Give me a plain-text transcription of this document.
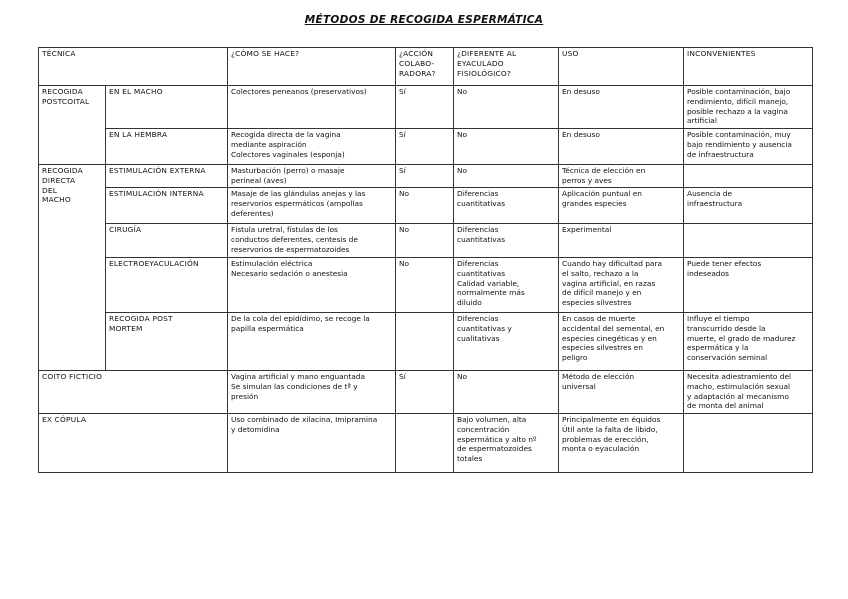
MÉTODOS DE RECOGIDA ESPERMÁTICA
TÉCNICA		¿CÓMO SE HACE?	¿ACCIÓN
COLABO-
RADORA?	¿DIFERENTE AL
EYACULADO
FISIOLÓGICO?	USO	INCONVENIENTES

RECOGIDA
POSTCOITAL	EN EL MACHO	Colectores peneanos (preservativos)	Sí	No	En desuso	Posible contaminación, bajo
rendimiento, difícil manejo,
posible rechazo a la vagina
artificial

	EN LA HEMBRA	Recogida directa de la vagina
mediante aspiración
Colectores vaginales (esponja)	Sí	No	En desuso	Posible contaminación, muy
bajo rendimiento y ausencia
de infraestructura

RECOGIDA
DIRECTA
DEL
MACHO	ESTIMULACIÓN EXTERNA	Masturbación (perro) o masaje
perineal (aves)	Sí	No	Técnica de elección en
perros y aves	

	ESTIMULACIÓN INTERNA	Masaje de las glándulas anejas y las
reservorios espermáticos (ampollas
deferentes)	No	Diferencias
cuantitativas	Aplicación puntual en
grandes especies	Ausencia de
infraestructura

	CIRUGÍA	Fístula uretral, fístulas de los
conductos deferentes, centesis de
reservorios de espermatozoides	No	Diferencias
cuantitativas	Experimental	

	ELECTROEYACULACIÓN	Estimulación eléctrica
Necesario sedación o anestesia	No	Diferencias
cuantitativas
Calidad variable,
normalmente más
diluido	Cuando hay dificultad para
el salto, rechazo a la
vagina artificial, en razas
de difícil manejo y en
especies silvestres	Puede tener efectos
indeseados

	RECOGIDA POST
MORTEM	De la cola del epidídimo, se recoge la
papilla espermática		Diferencias
cuantitativas y
cualitativas	En casos de muerte
accidental del semental, en
especies cinegéticas y en
especies silvestres en
peligro	Influye el tiempo
transcurrido desde la
muerte, el grado de madurez
espermática y la
conservación seminal

COITO FICTICIO		Vagina artificial y mano enguantada
Se simulan las condiciones de tª y
presión	Sí	No	Método de elección
universal	Necesita adiestramiento del
macho, estimulación sexual
y adaptación al mecanismo
de monta del animal

EX CÓPULA		Uso combinado de xilacina, Imipramina
y detomidina		Bajo volumen, alta
concentración
espermática y alto nº
de espermatozoides
totales	Principalmente en équidos
Útil ante la falta de libido,
problemas de erección,
monta o eyaculación	
